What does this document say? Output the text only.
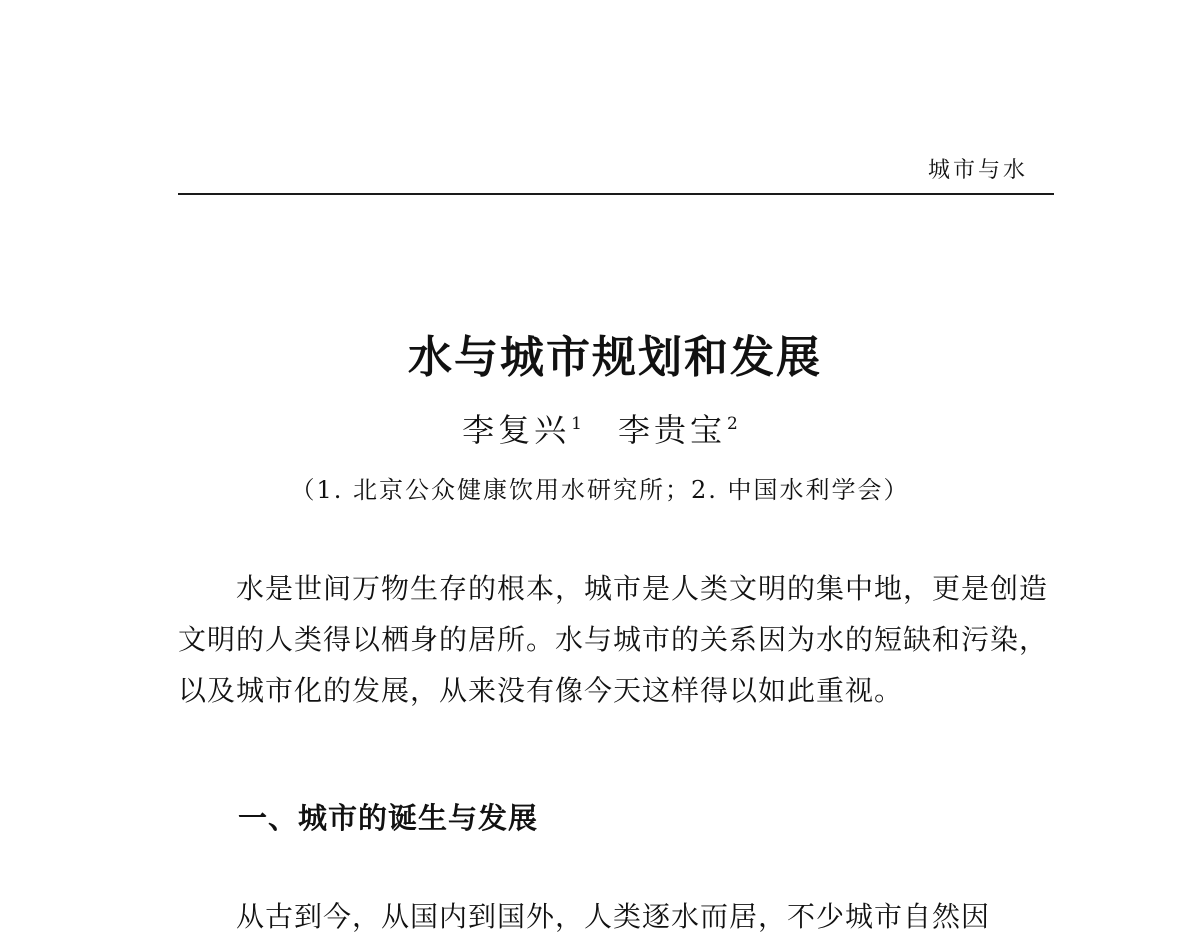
城市与水
水与城市规划和发展
李复兴$^1$ 李贵宝$^2$
（1. 北京公众健康饮用水研究所；2. 中国水利学会）
水是世间万物生存的根本，城市是人类文明的集中地，更是创造文明的人类得以栖身的居所。水与城市的关系因为水的短缺和污染，以及城市化的发展，从来没有像今天这样得以如此重视。
一、城市的诞生与发展
从古到今，从国内到国外，人类逐水而居，不少城市自然因
